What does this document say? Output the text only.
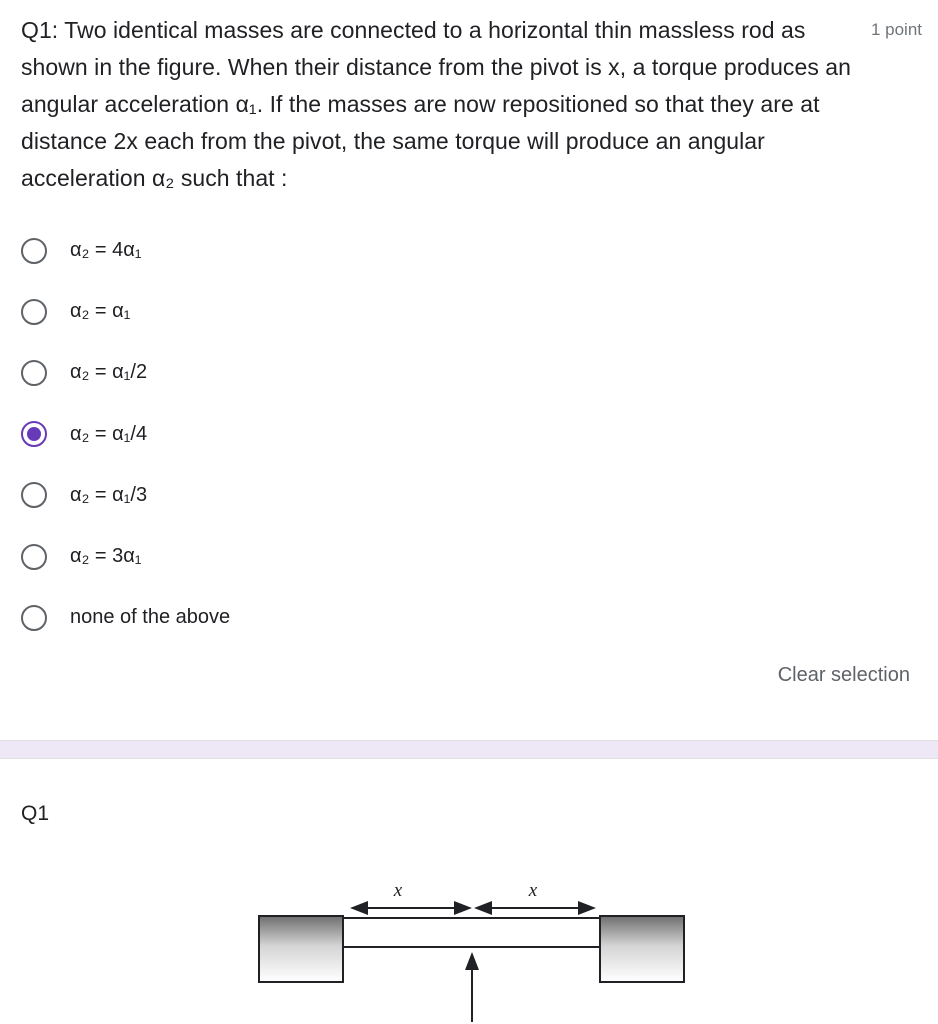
Q1: Two identical masses are connected to a horizontal thin massless rod as shown in the figure. When their distance from the pivot is x, a torque produces an angular acceleration α₁. If the masses are now repositioned so that they are at distance 2x each from the pivot, the same torque will produce an angular acceleration α₂ such that :
1 point
α₂ = 4α₁
α₂ = α₁
α₂ = α₁/2
α₂ = α₁/4
α₂ = α₁/3
α₂ = 3α₁
none of the above
Clear selection
Q1
x	x
